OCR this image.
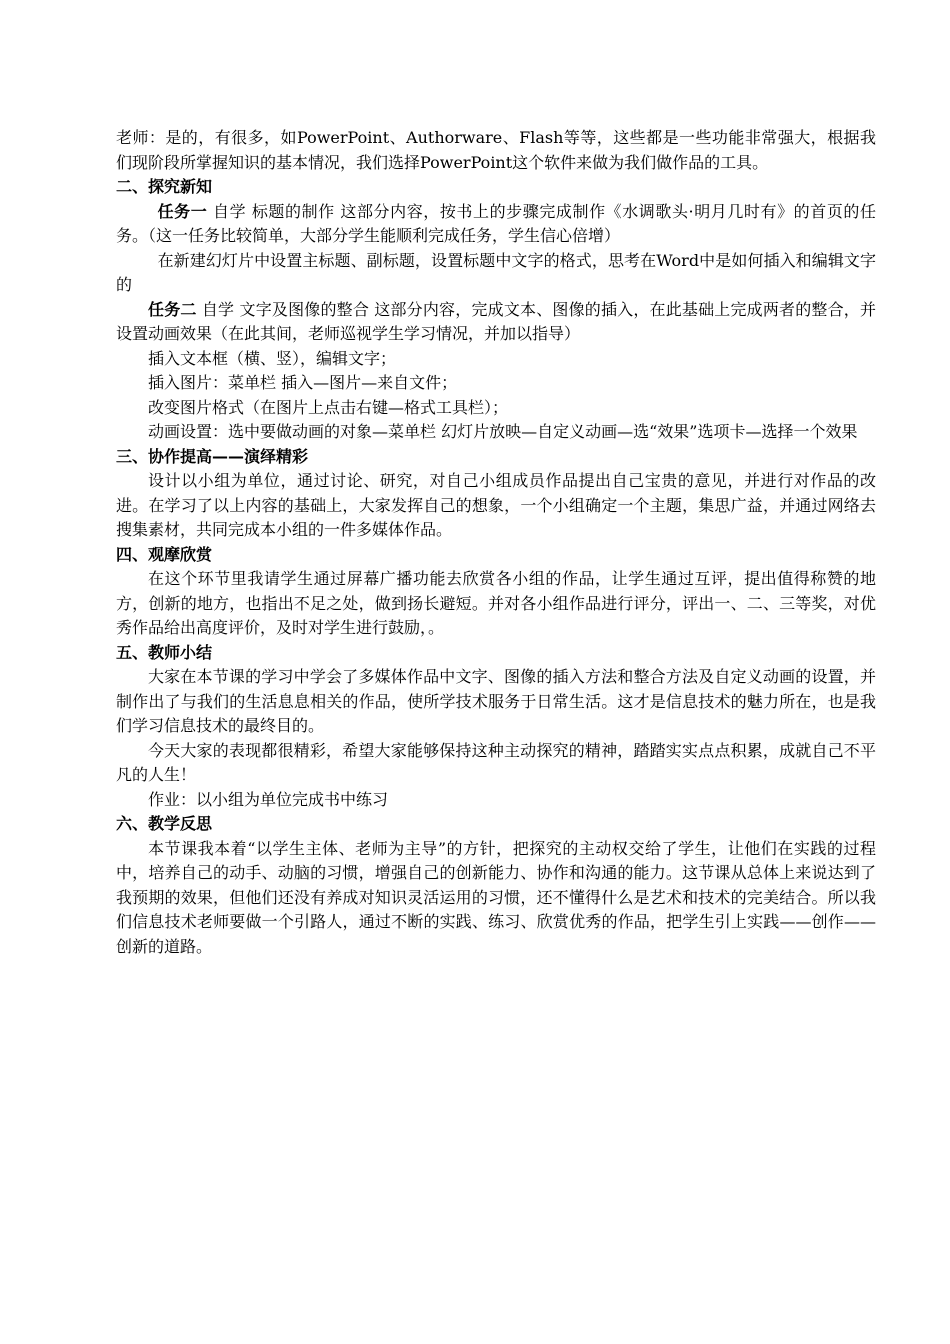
老师：是的，有很多，如PowerPoint、Authorware、Flash等等，这些都是一些功能非常强大，根据我们现阶段所掌握知识的基本情况，我们选择PowerPoint这个软件来做为我们做作品的工具。

二、探究新知

任务一 自学 标题的制作 这部分内容，按书上的步骤完成制作《水调歌头·明月几时有》的首页的任务。（这一任务比较简单，大部分学生能顺利完成任务，学生信心倍增）

在新建幻灯片中设置主标题、副标题，设置标题中文字的格式，思考在Word中是如何插入和编辑文字的

任务二 自学 文字及图像的整合 这部分内容，完成文本、图像的插入，在此基础上完成两者的整合，并设置动画效果（在此其间，老师巡视学生学习情况，并加以指导）

插入文本框（横、竖），编辑文字；

插入图片：菜单栏 插入—图片—来自文件；

改变图片格式（在图片上点击右键—格式工具栏）；

动画设置：选中要做动画的对象—菜单栏 幻灯片放映—自定义动画—选“效果”选项卡—选择一个效果

三、协作提高——演绎精彩

设计以小组为单位，通过讨论、研究，对自己小组成员作品提出自己宝贵的意见，并进行对作品的改进。在学习了以上内容的基础上，大家发挥自己的想象，一个小组确定一个主题，集思广益，并通过网络去搜集素材，共同完成本小组的一件多媒体作品。

四、观摩欣赏

在这个环节里我请学生通过屏幕广播功能去欣赏各小组的作品，让学生通过互评，提出值得称赞的地方，创新的地方，也指出不足之处，做到扬长避短。并对各小组作品进行评分，评出一、二、三等奖，对优秀作品给出高度评价，及时对学生进行鼓励，。

五、教师小结

大家在本节课的学习中学会了多媒体作品中文字、图像的插入方法和整合方法及自定义动画的设置，并制作出了与我们的生活息息相关的作品，使所学技术服务于日常生活。这才是信息技术的魅力所在，也是我们学习信息技术的最终目的。

今天大家的表现都很精彩，希望大家能够保持这种主动探究的精神，踏踏实实点点积累，成就自己不平凡的人生！

作业：以小组为单位完成书中练习

六、教学反思

本节课我本着“以学生主体、老师为主导”的方针，把探究的主动权交给了学生，让他们在实践的过程中，培养自己的动手、动脑的习惯，增强自己的创新能力、协作和沟通的能力。这节课从总体上来说达到了我预期的效果，但他们还没有养成对知识灵活运用的习惯，还不懂得什么是艺术和技术的完美结合。所以我们信息技术老师要做一个引路人，通过不断的实践、练习、欣赏优秀的作品，把学生引上实践——创作——创新的道路。
